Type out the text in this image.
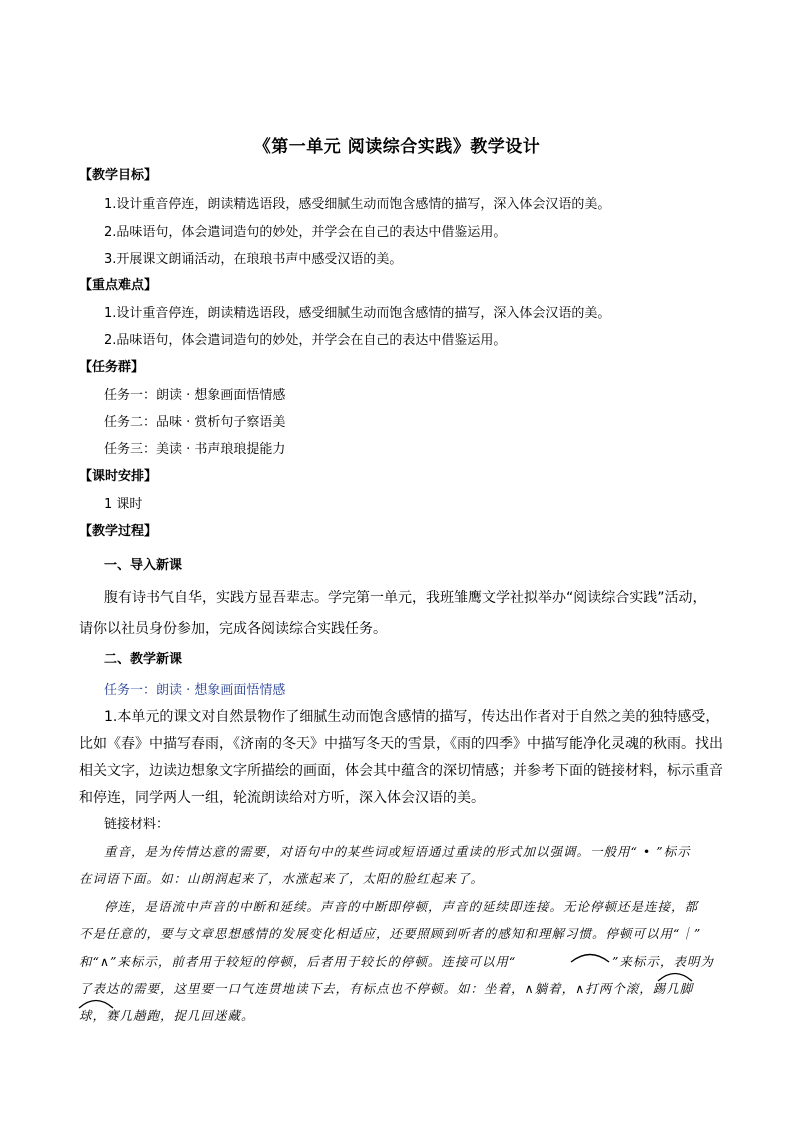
《第一单元 阅读综合实践》教学设计
【教学目标】
1.设计重音停连，朗读精选语段，感受细腻生动而饱含感情的描写，深入体会汉语的美。
2.品味语句，体会遣词造句的妙处，并学会在自己的表达中借鉴运用。
3.开展课文朗诵活动，在琅琅书声中感受汉语的美。
【重点难点】
1.设计重音停连，朗读精选语段，感受细腻生动而饱含感情的描写，深入体会汉语的美。
2.品味语句，体会遣词造句的妙处，并学会在自己的表达中借鉴运用。
【任务群】
任务一：朗读 · 想象画面悟情感
任务二：品味 · 赏析句子察语美
任务三：美读 · 书声琅琅提能力
【课时安排】
1 课时
【教学过程】
一、导入新课
腹有诗书气自华，实践方显吾辈志。学完第一单元，我班雏鹰文学社拟举办“阅读综合实践”活动，
请你以社员身份参加，完成各阅读综合实践任务。
二、教学新课
任务一：朗读 · 想象画面悟情感
1.本单元的课文对自然景物作了细腻生动而饱含感情的描写，传达出作者对于自然之美的独特感受，
比如《春》中描写春雨，《济南的冬天》中描写冬天的雪景，《雨的四季》中描写能净化灵魂的秋雨。找出
相关文字，边读边想象文字所描绘的画面，体会其中蕴含的深切情感；并参考下面的链接材料，标示重音
和停连，同学两人一组，轮流朗读给对方听，深入体会汉语的美。
链接材料：
重音，是为传情达意的需要，对语句中的某些词或短语通过重读的形式加以强调。一般用“ • ”标示
在词语下面。如：山朗润起来了，水涨起来了，太阳的脸红起来了。
停连，是语流中声音的中断和延续。声音的中断即停顿，声音的延续即连接。无论停顿还是连接，都
不是任意的，要与文章思想感情的发展变化相适应，还要照顾到听者的感知和理解习惯。停顿可以用“｜”
和“∧”来标示，前者用于较短的停顿，后者用于较长的停顿。连接可以用“	”来标示，表明为
了表达的需要，这里要一口气连贯地读下去，有标点也不停顿。如：坐着，∧躺着，∧打两个滚，踢几脚
球，赛几趟跑，捉几回迷藏。
